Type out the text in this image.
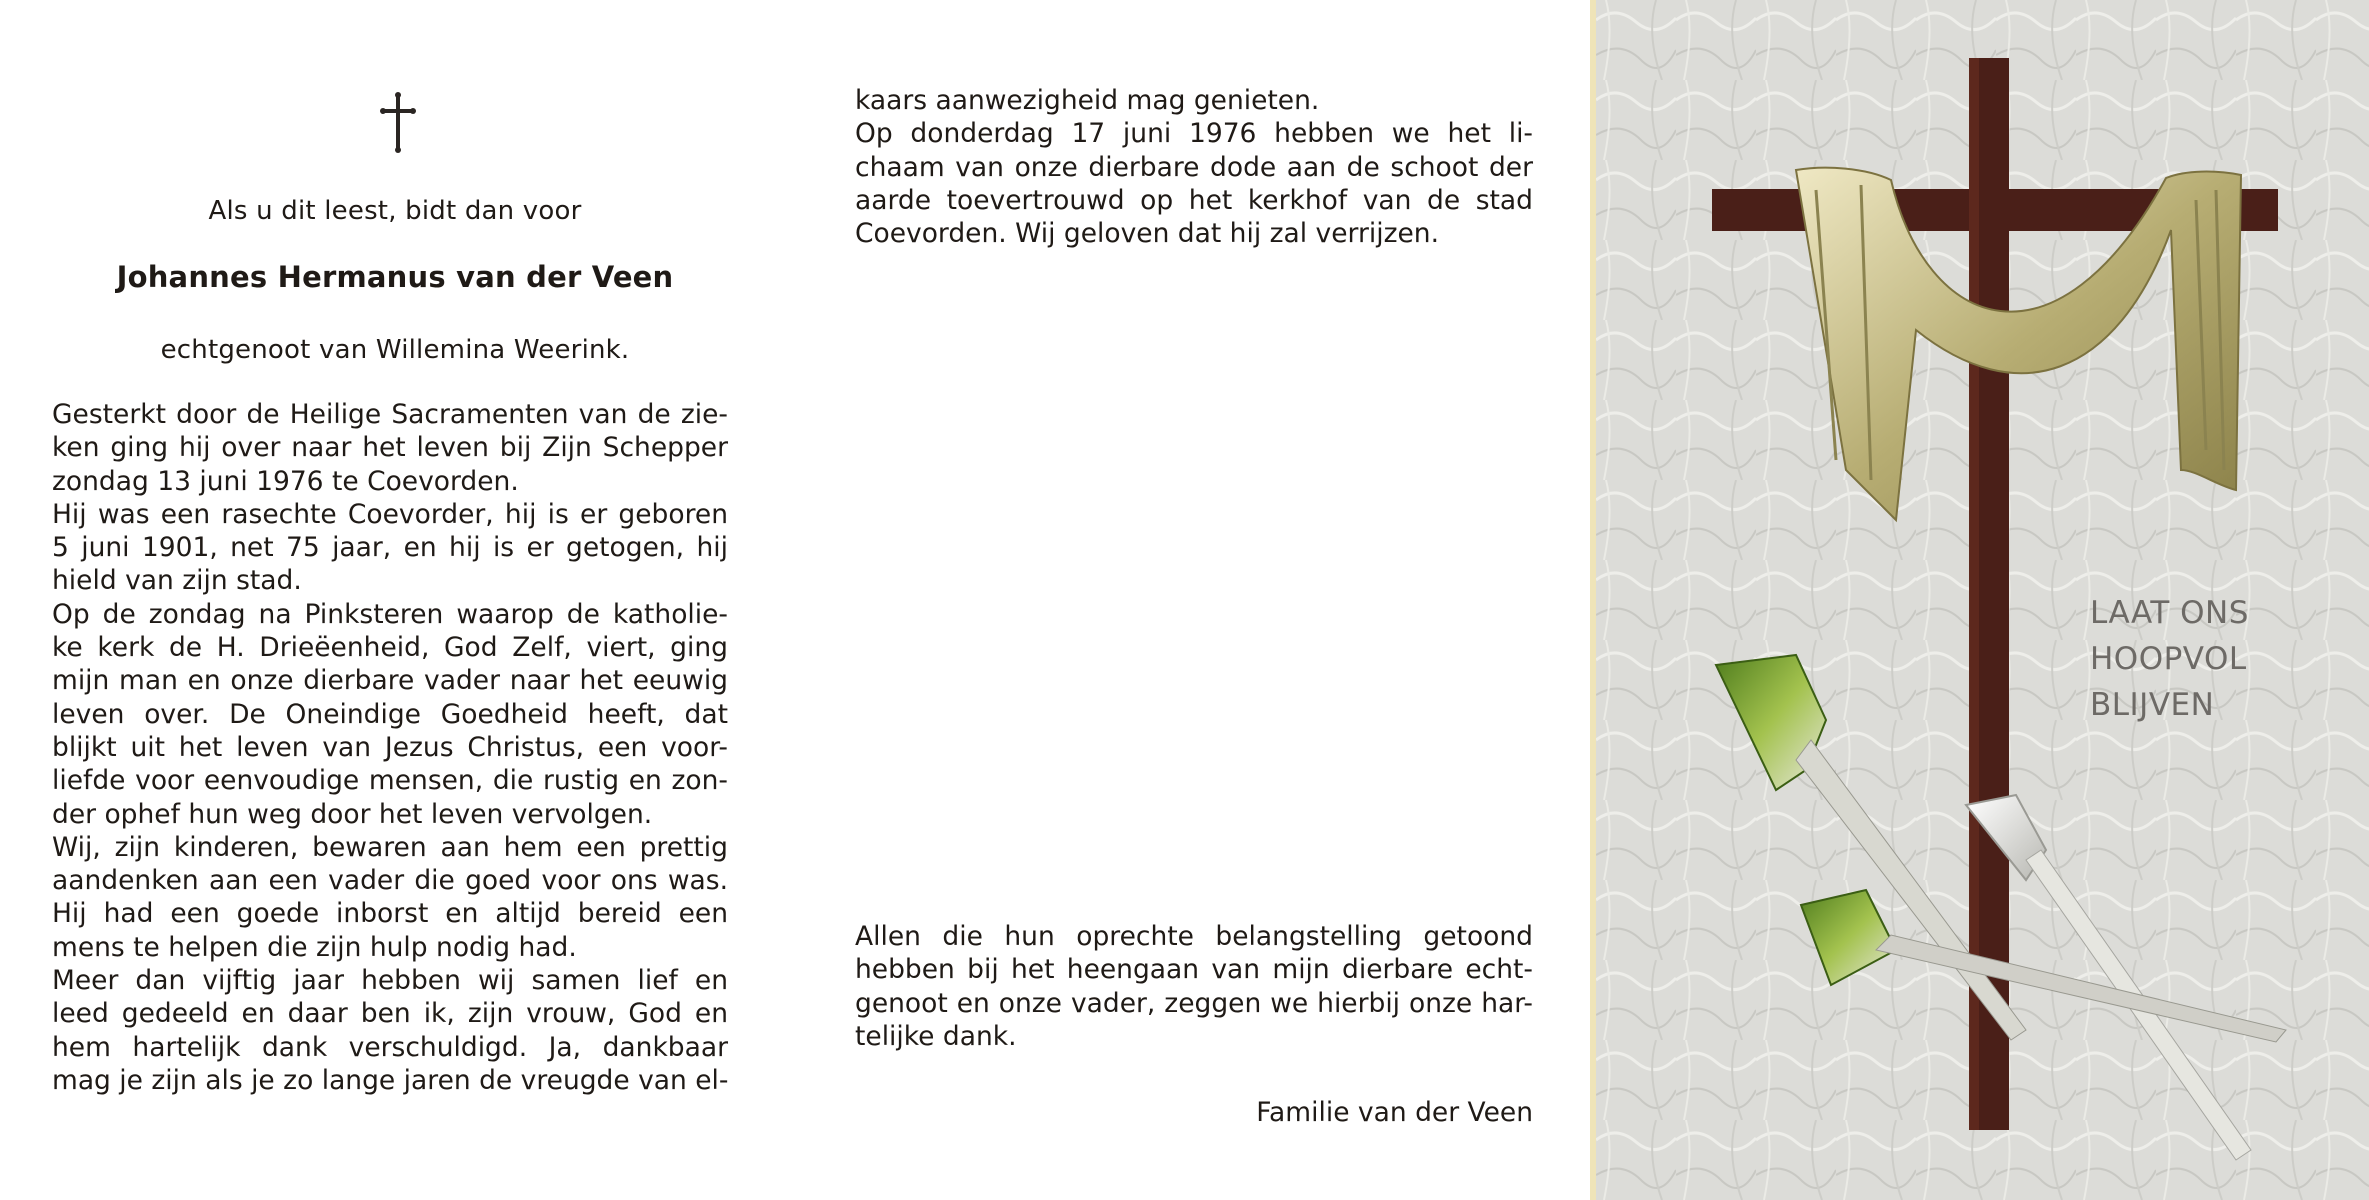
Als u dit leest, bidt dan voor
Johannes Hermanus van der Veen
echtgenoot van Willemina Weerink.
Gesterkt door de Heilige Sacramenten van de zie-
ken ging hij over naar het leven bij Zijn Schepper
zondag 13 juni 1976 te Coevorden.
Hij was een rasechte Coevorder, hij is er geboren
5 juni 1901, net 75 jaar, en hij is er getogen, hij
hield van zijn stad.
Op de zondag na Pinksteren waarop de katholie-
ke kerk de H. Drieëenheid, God Zelf, viert, ging
mijn man en onze dierbare vader naar het eeuwig
leven over. De Oneindige Goedheid heeft, dat
blijkt uit het leven van Jezus Christus, een voor-
liefde voor eenvoudige mensen, die rustig en zon-
der ophef hun weg door het leven vervolgen.
Wij, zijn kinderen, bewaren aan hem een prettig
aandenken aan een vader die goed voor ons was.
Hij had een goede inborst en altijd bereid een
mens te helpen die zijn hulp nodig had.
Meer dan vijftig jaar hebben wij samen lief en
leed gedeeld en daar ben ik, zijn vrouw, God en
hem hartelijk dank verschuldigd. Ja, dankbaar
mag je zijn als je zo lange jaren de vreugde van el-
kaars aanwezigheid mag genieten.
Op donderdag 17 juni 1976 hebben we het li-
chaam van onze dierbare dode aan de schoot der
aarde toevertrouwd op het kerkhof van de stad
Coevorden. Wij geloven dat hij zal verrijzen.
Allen die hun oprechte belangstelling getoond
hebben bij het heengaan van mijn dierbare echt-
genoot en onze vader, zeggen we hierbij onze har-
telijke dank.
Familie van der Veen
LAAT ONS
HOOPVOL
BLIJVEN
